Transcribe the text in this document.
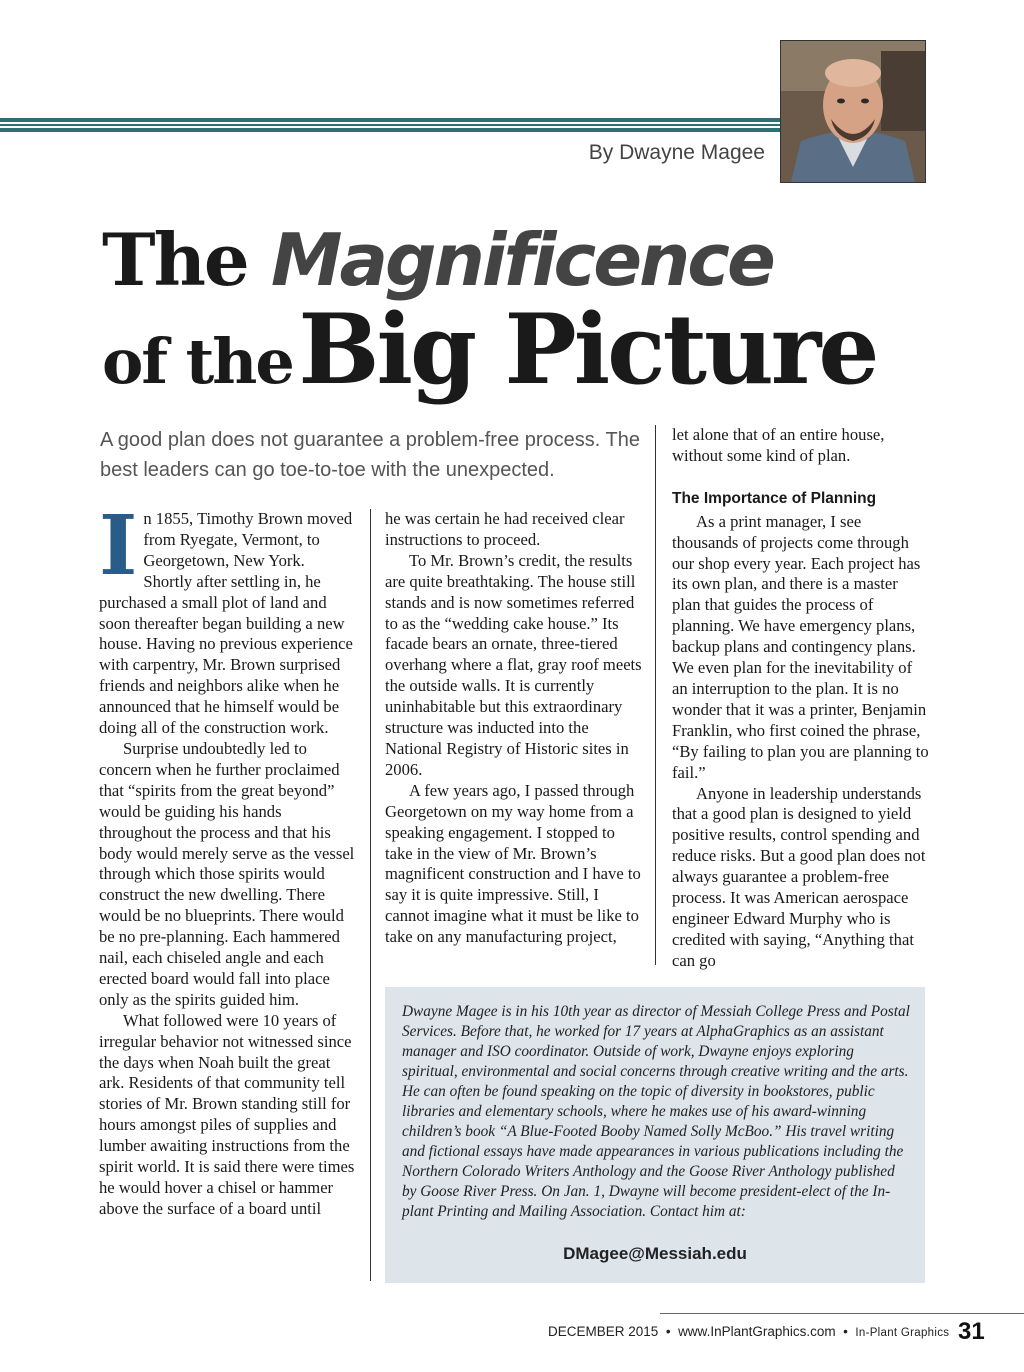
By Dwayne Magee
The Magnificence
of the Big Picture
A good plan does not guarantee a problem-free process. The best leaders can go toe-to-toe with the unexpected.

In 1855, Timothy Brown moved from Ryegate, Vermont, to Georgetown, New York. Shortly after settling in, he purchased a small plot of land and soon thereafter began building a new house. Having no previous experience with carpentry, Mr. Brown surprised friends and neighbors alike when he announced that he himself would be doing all of the construction work.

Surprise undoubtedly led to concern when he further proclaimed that “spirits from the great beyond” would be guiding his hands throughout the process and that his body would merely serve as the vessel through which those spirits would construct the new dwelling. There would be no blueprints. There would be no pre-planning. Each hammered nail, each chiseled angle and each erected board would fall into place only as the spirits guided him.

What followed were 10 years of irregular behavior not witnessed since the days when Noah built the great ark. Residents of that community tell stories of Mr. Brown standing still for hours amongst piles of supplies and lumber awaiting instructions from the spirit world. It is said there were times he would hover a chisel or hammer above the surface of a board until

he was certain he had received clear instructions to proceed.

To Mr. Brown’s credit, the results are quite breathtaking. The house still stands and is now sometimes referred to as the “wedding cake house.” Its facade bears an ornate, three-tiered overhang where a flat, gray roof meets the outside walls. It is currently uninhabitable but this extraordinary structure was inducted into the National Registry of Historic sites in 2006.

A few years ago, I passed through Georgetown on my way home from a speaking engagement. I stopped to take in the view of Mr. Brown’s magnificent construction and I have to say it is quite impressive. Still, I cannot imagine what it must be like to take on any manufacturing project,

let alone that of an entire house, without some kind of plan.

The Importance of Planning

As a print manager, I see thousands of projects come through our shop every year. Each project has its own plan, and there is a master plan that guides the process of planning. We have emergency plans, backup plans and contingency plans. We even plan for the inevitability of an interruption to the plan. It is no wonder that it was a printer, Benjamin Franklin, who first coined the phrase, “By failing to plan you are planning to fail.”

Anyone in leadership understands that a good plan is designed to yield positive results, control spending and reduce risks. But a good plan does not always guarantee a problem-free process. It was American aerospace engineer Edward Murphy who is credited with saying, “Anything that can go

Dwayne Magee is in his 10th year as director of Messiah College Press and Postal Services. Before that, he worked for 17 years at AlphaGraphics as an assistant manager and ISO coordinator. Outside of work, Dwayne enjoys exploring spiritual, environmental and social concerns through creative writing and the arts. He can often be found speaking on the topic of diversity in bookstores, public libraries and elementary schools, where he makes use of his award-winning children’s book “A Blue-Footed Booby Named Solly McBoo.” His travel writing and fictional essays have made appearances in various publications including the Northern Colorado Writers Anthology and the Goose River Anthology published by Goose River Press. On Jan. 1, Dwayne will become president-elect of the In-plant Printing and Mailing Association. Contact him at:
DMagee@Messiah.edu
DECEMBER 2015 • www.InPlantGraphics.com • In-Plant Graphics 31
